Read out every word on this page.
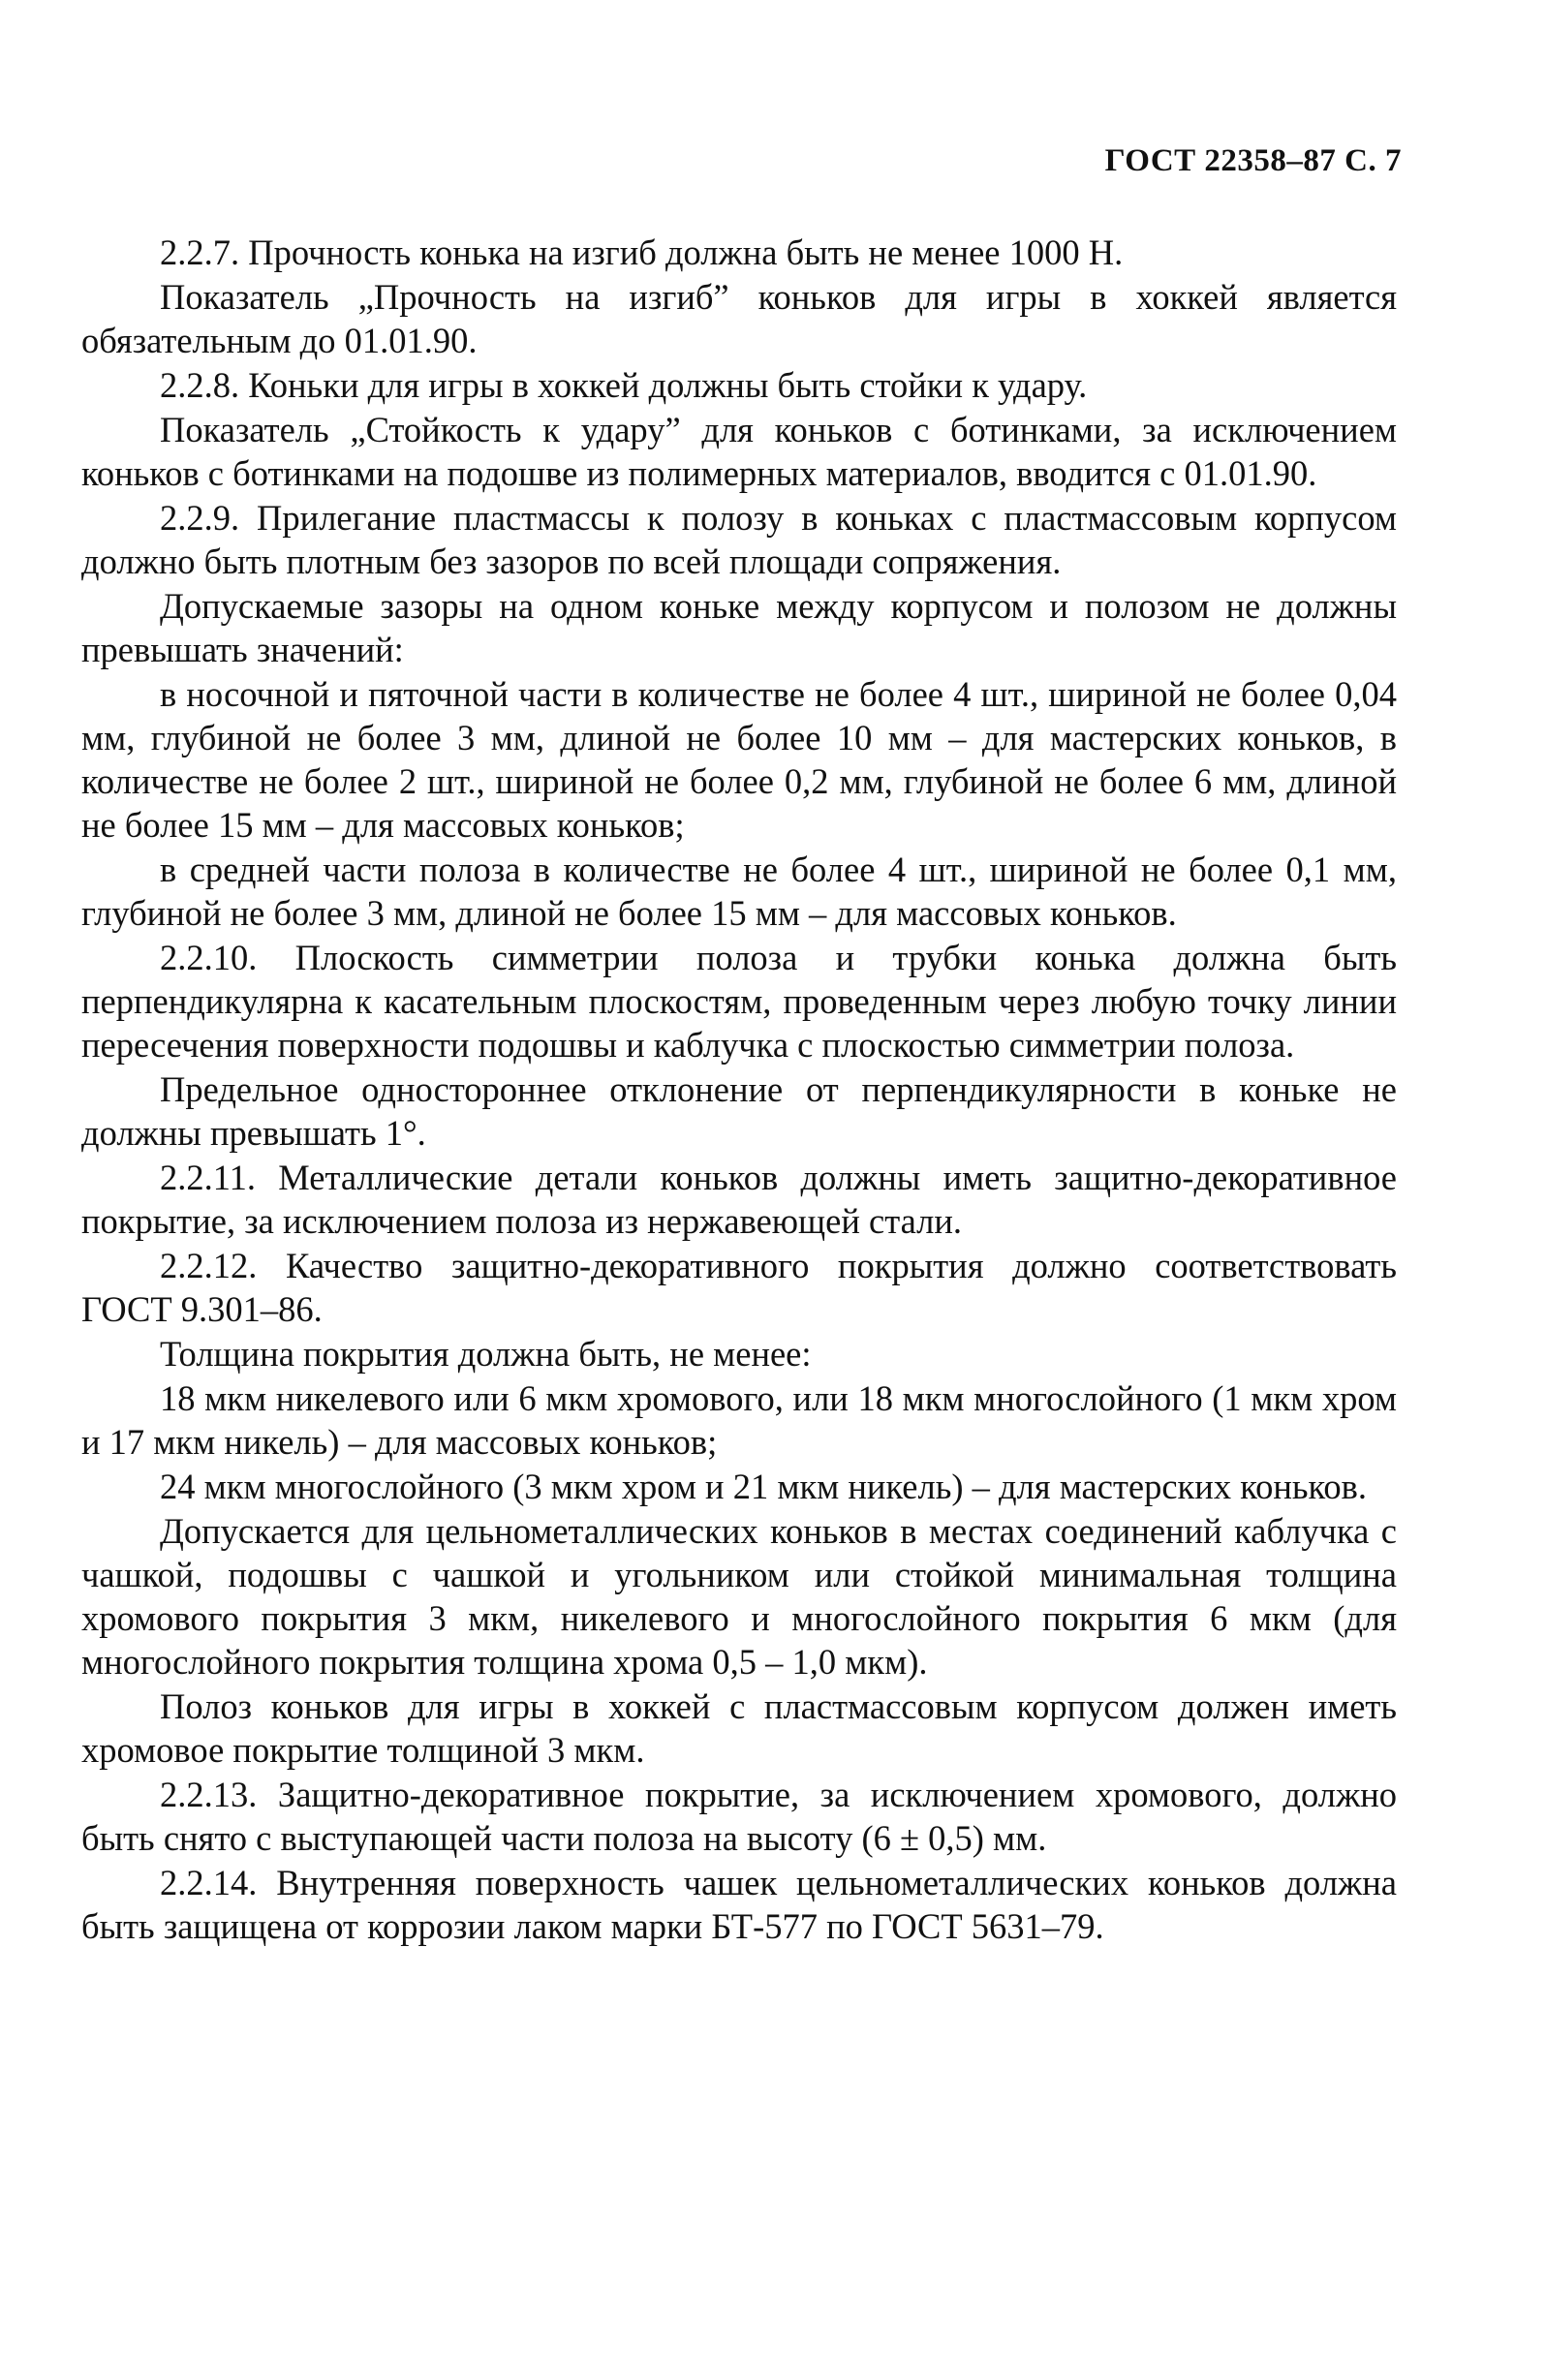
ГОСТ 22358–87 С. 7

2.2.7. Прочность конька на изгиб должна быть не менее 1000 Н.

Показатель „Прочность на изгиб” коньков для игры в хоккей является обязательным до 01.01.90.

2.2.8. Коньки для игры в хоккей должны быть стойки к удару.

Показатель „Стойкость к удару” для коньков с ботинками, за исключением коньков с ботинками на подошве из полимерных материалов, вводится с 01.01.90.

2.2.9. Прилегание пластмассы к полозу в коньках с пластмассовым корпусом должно быть плотным без зазоров по всей площади сопряжения.

Допускаемые зазоры на одном коньке между корпусом и полозом не должны превышать значений:

в носочной и пяточной части в количестве не более 4 шт., шириной не более 0,04 мм, глубиной не более 3 мм, длиной не более 10 мм – для мастерских коньков, в количестве не более 2 шт., шириной не более 0,2 мм, глубиной не более 6 мм, длиной не более 15 мм – для массовых коньков;

в средней части полоза в количестве не более 4 шт., шириной не более 0,1 мм, глубиной не более 3 мм, длиной не более 15 мм – для массовых коньков.

2.2.10. Плоскость симметрии полоза и трубки конька должна быть перпендикулярна к касательным плоскостям, проведенным через любую точку линии пересечения поверхности подошвы и каблучка с плоскостью симметрии полоза.

Предельное одностороннее отклонение от перпендикулярности в коньке не должны превышать 1°.

2.2.11. Металлические детали коньков должны иметь защитно-декоративное покрытие, за исключением полоза из нержавеющей стали.

2.2.12. Качество защитно-декоративного покрытия должно соответствовать ГОСТ 9.301–86.

Толщина покрытия должна быть, не менее:

18 мкм никелевого или 6 мкм хромового, или 18 мкм многослойного (1 мкм хром и 17 мкм никель) – для массовых коньков;

24 мкм многослойного (3 мкм хром и 21 мкм никель) – для мастерских коньков.

Допускается для цельнометаллических коньков в местах соединений каблучка с чашкой, подошвы с чашкой и угольником или стойкой минимальная толщина хромового покрытия 3 мкм, никелевого и многослойного покрытия 6 мкм (для многослойного покрытия толщина хрома 0,5 – 1,0 мкм).

Полоз коньков для игры в хоккей с пластмассовым корпусом должен иметь хромовое покрытие толщиной 3 мкм.

2.2.13. Защитно-декоративное покрытие, за исключением хромового, должно быть снято с выступающей части полоза на высоту (6 ± 0,5) мм.

2.2.14. Внутренняя поверхность чашек цельнометаллических коньков должна быть защищена от коррозии лаком марки БТ-577 по ГОСТ 5631–79.
